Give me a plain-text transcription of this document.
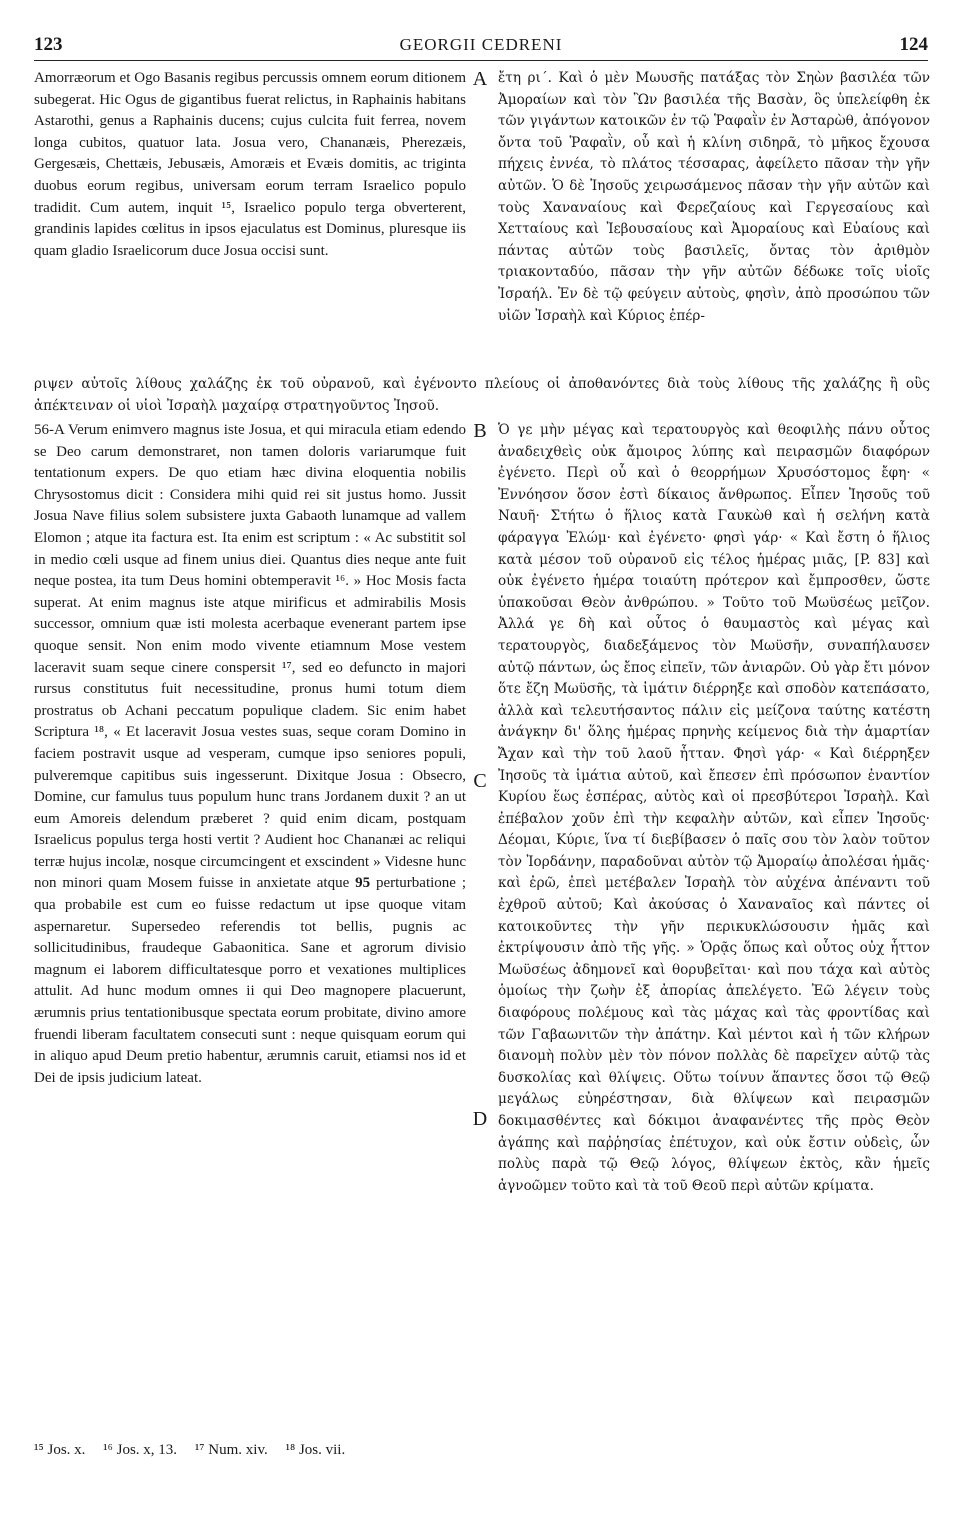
123	GEORGII CEDRENI	124

Amorræorum et Ogo Basanis regibus percussis omnem eorum ditionem subegerat. Hic Ogus de gigantibus fuerat relictus, in Raphainis habitans Astarothi, genus a Raphainis ducens; cujus culcita fuit ferrea, novem longa cubitos, quatuor lata. Josua vero, Chananæis, Pherezæis, Gergesæis, Chettæis, Jebusæis, Amoræis et Evæis domitis, ac triginta duobus eorum regibus, universam eorum terram Israelico populo tradidit. Cum autem, inquit ¹⁵, Israelico populo terga obverterent, grandinis lapides cœlitus in ipsos ejaculatus est Dominus, pluresque iis quam gladio Israelicorum duce Josua occisi sunt.

ἔτη ρι΄. Καὶ ὁ μὲν Μωυσῆς πατάξας τὸν Σηὼν βασιλέα τῶν Ἀμοραίων καὶ τὸν Ὢν βασιλέα τῆς Βασὰν, ὃς ὑπελείφθη ἐκ τῶν γιγάντων κατοικῶν ἐν τῷ Ῥαφαῒν ἐν Ἀσταρὼθ, ἀπόγονον ὄντα τοῦ Ῥαφαῒν, οὗ καὶ ἡ κλίνη σιδηρᾶ, τὸ μῆκος ἔχουσα πήχεις ἐννέα, τὸ πλάτος τέσσαρας, ἀφείλετο πᾶσαν τὴν γῆν αὐτῶν. Ὁ δὲ Ἰησοῦς χειρωσάμενος πᾶσαν τὴν γῆν αὐτῶν καὶ τοὺς Χαναναίους καὶ Φερεζαίους καὶ Γεργεσαίους καὶ Χετταίους καὶ Ἰεβουσαίους καὶ Ἀμοραίους καὶ Εὐαίους καὶ πάντας αὐτῶν τοὺς βασιλεῖς, ὄντας τὸν ἀριθμὸν τριακονταδύο, πᾶσαν τὴν γῆν αὐτῶν δέδωκε τοῖς υἱοῖς Ἰσραήλ. Ἐν δὲ τῷ φεύγειν αὐτοὺς, φησὶν, ἀπὸ προσώπου τῶν υἱῶν Ἰσραὴλ καὶ Κύριος ἐπέρ-

ριψεν αὐτοῖς λίθους χαλάζης ἐκ τοῦ οὐρανοῦ, καὶ ἐγένοντο πλείους οἱ ἀποθανόντες διὰ τοὺς λίθους τῆς χαλάζης ἢ οὓς ἀπέκτειναν οἱ υἱοὶ Ἰσραὴλ μαχαίρᾳ στρατηγοῦντος Ἰησοῦ.

56-A Verum enimvero magnus iste Josua, et qui miracula etiam edendo se Deo carum demonstraret, non tamen doloris variarumque fuit tentationum expers. De quo etiam hæc divina eloquentia nobilis Chrysostomus dicit : Considera mihi quid rei sit justus homo. Jussit Josua Nave filius solem subsistere juxta Gabaoth lunamque ad vallem Elomon ; atque ita factura est. Ita enim est scriptum : « Ac substitit sol in medio cœli usque ad finem unius diei. Quantus dies neque ante fuit neque postea, ita tum Deus homini obtemperavit ¹⁶. » Hoc Mosis facta superat. At enim magnus iste atque mirificus et admirabilis Mosis successor, omnium quæ isti molesta acerbaque evenerant partem ipse quoque sensit. Non enim modo vivente etiamnum Mose vestem laceravit suam seque cinere conspersit ¹⁷, sed eo defuncto in majori rursus constitutus fuit necessitudine, pronus humi totum diem prostratus ob Achani peccatum populique cladem. Sic enim habet Scriptura ¹⁸, « Et laceravit Josua vestes suas, seque coram Domino in faciem postravit usque ad vesperam, cumque ipso seniores populi, pulveremque capitibus suis ingesserunt. Dixitque Josua : Obsecro, Domine, cur famulus tuus populum hunc trans Jordanem duxit ? an ut eum Amoreis delendum præberet ? quid enim dicam, postquam Israelicus populus terga hosti vertit ? Audient hoc Chananæi ac reliqui terræ hujus incolæ, nosque circumcingent et exscindent » Videsne hunc non minori quam Mosem fuisse in anxietate atque 95 perturbatione ; qua probabile est cum eo fuisse redactum ut ipse quoque vitam aspernaretur. Supersedeo referendis tot bellis, pugnis ac sollicitudinibus, fraudeque Gabaonitica. Sane et agrorum divisio magnum ei laborem difficultatesque porro et vexationes multiplices attulit. Ad hunc modum omnes ii qui Deo magnopere placuerunt, ærumnis prius tentationibusque spectata eorum probitate, divino amore fruendi liberam facultatem consecuti sunt : neque quisquam eorum qui in aliquo apud Deum pretio habentur, ærumnis caruit, etiamsi nos id et Dei de ipsis judicium lateat.

Ὁ γε μὴν μέγας καὶ τερατουργὸς καὶ θεοφιλὴς πάνυ οὗτος ἀναδειχθεὶς οὐκ ἄμοιρος λύπης καὶ πειρασμῶν διαφόρων ἐγένετο. Περὶ οὗ καὶ ὁ θεορρήμων Χρυσόστομος ἔφη· « Ἐννόησον ὅσον ἐστὶ δίκαιος ἄνθρωπος. Εἶπεν Ἰησοῦς τοῦ Ναυῆ· Στήτω ὁ ἥλιος κατὰ Γαυκὼθ καὶ ἡ σελήνη κατὰ φάραγγα Ἐλώμ· καὶ ἐγένετο· φησὶ γάρ· « Καὶ ἔστη ὁ ἥλιος κατὰ μέσον τοῦ οὐρανοῦ εἰς τέλος ἡμέρας μιᾶς, [P. 83] καὶ οὐκ ἐγένετο ἡμέρα τοιαύτη πρότερον καὶ ἔμπροσθεν, ὥστε ὑπακοῦσαι Θεὸν ἀνθρώπου. » Τοῦτο τοῦ Μωϋσέως μεῖζον. Ἀλλά γε δὴ καὶ οὗτος ὁ θαυμαστὸς καὶ μέγας καὶ τερατουργὸς, διαδεξάμενος τὸν Μωϋσῆν, συναπήλαυσεν αὐτῷ πάντων, ὡς ἔπος εἰπεῖν, τῶν ἀνιαρῶν. Οὐ γὰρ ἔτι μόνον ὅτε ἔζη Μωϋσῆς, τὰ ἱμάτιν διέρρηξε καὶ σποδὸν κατεπάσατο, ἀλλὰ καὶ τελευτήσαντος πάλιν εἰς μείζονα ταύτης κατέστη ἀνάγκην δι' ὅλης ἡμέρας πρηνὴς κείμενος διὰ τὴν ἁμαρτίαν Ἄχαν καὶ τὴν τοῦ λαοῦ ἧτταν. Φησὶ γάρ· « Καὶ διέρρηξεν Ἰησοῦς τὰ ἱμάτια αὐτοῦ, καὶ ἔπεσεν ἐπὶ πρόσωπον ἐναντίον Κυρίου ἕως ἑσπέρας, αὐτὸς καὶ οἱ πρεσβύτεροι Ἰσραὴλ. Καὶ ἐπέβαλον χοῦν ἐπὶ τὴν κεφαλὴν αὐτῶν, καὶ εἶπεν Ἰησοῦς· Δέομαι, Κύριε, ἵνα τί διεβίβασεν ὁ παῖς σου τὸν λαὸν τοῦτον τὸν Ἰορδάνην, παραδοῦναι αὐτὸν τῷ Ἀμοραίῳ ἀπολέσαι ἡμᾶς· καὶ ἐρῶ, ἐπεὶ μετέβαλεν Ἰσραὴλ τὸν αὐχένα ἀπέναντι τοῦ ἐχθροῦ αὐτοῦ; Καὶ ἀκούσας ὁ Χαναναῖος καὶ πάντες οἱ κατοικοῦντες τὴν γῆν περικυκλώσουσιν ἡμᾶς καὶ ἐκτρίψουσιν ἀπὸ τῆς γῆς. » Ὁρᾷς ὅπως καὶ οὗτος οὐχ ἧττον Μωϋσέως ἀδημονεῖ καὶ θορυβεῖται· καὶ που τάχα καὶ αὐτὸς ὁμοίως τὴν ζωὴν ἐξ ἀπορίας ἀπελέγετο. Ἐῶ λέγειν τοὺς διαφόρους πολέμους καὶ τὰς μάχας καὶ τὰς φροντίδας καὶ τῶν Γαβαωνιτῶν τὴν ἀπάτην. Καὶ μέντοι καὶ ἡ τῶν κλήρων διανομὴ πολὺν μὲν τὸν πόνον πολλὰς δὲ παρεῖχεν αὐτῷ τὰς δυσκολίας καὶ θλίψεις. Οὕτω τοίνυν ἅπαντες ὅσοι τῷ Θεῷ μεγάλως εὐηρέστησαν, διὰ θλίψεων καὶ πειρασμῶν δοκιμασθέντες καὶ δόκιμοι ἀναφανέντες τῆς πρὸς Θεὸν ἀγάπης καὶ παῤῥησίας ἐπέτυχον, καὶ οὐκ ἔστιν οὐδεὶς, ὧν πολὺς παρὰ τῷ Θεῷ λόγος, θλίψεων ἐκτὸς, κἂν ἡμεῖς ἀγνοῶμεν τοῦτο καὶ τὰ τοῦ Θεοῦ περὶ αὐτῶν κρίματα.

A
B
C
D
¹⁵ Jos. x. ¹⁶ Jos. x, 13. ¹⁷ Num. xiv. ¹⁸ Jos. vii.
